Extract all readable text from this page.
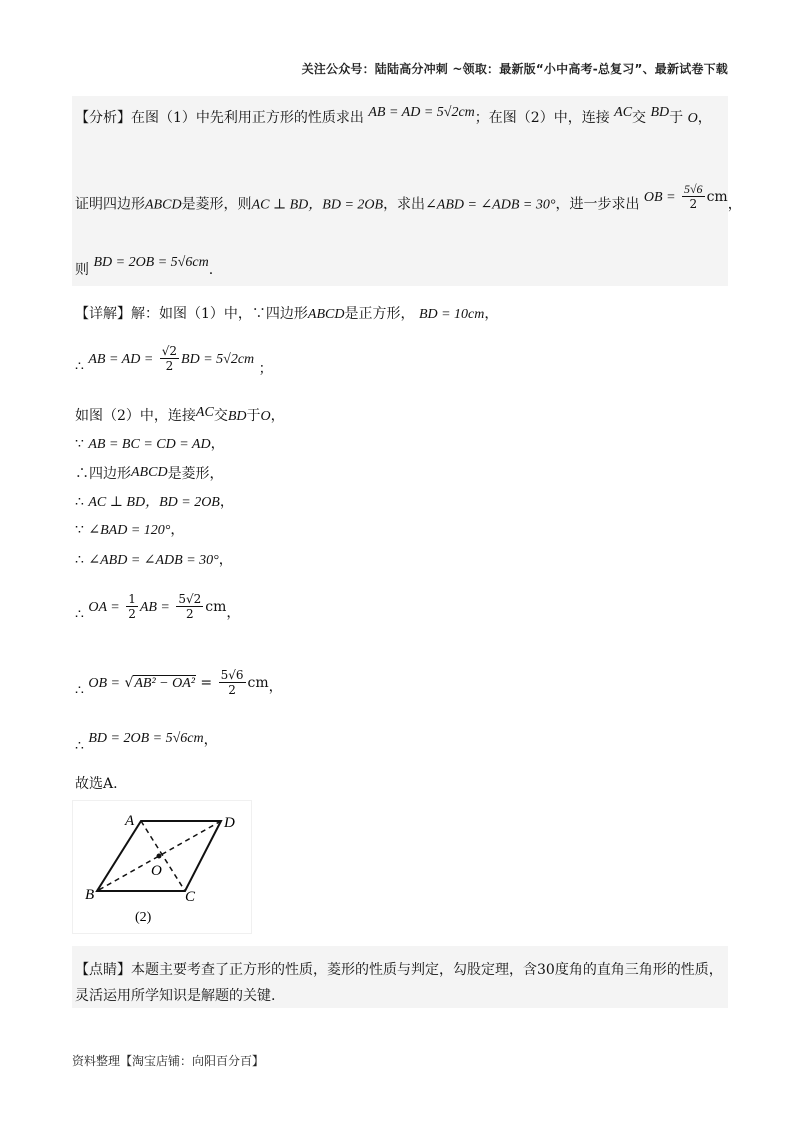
关注公众号：陆陆高分冲刺 ~领取：最新版“小中高考-总复习”、最新试卷下载
【分析】在图（1）中先利用正方形的性质求出 AB = AD = 5√2cm；在图（2）中，连接 AC交 BD于 O，
证明四边形ABCD是菱形，则AC ⊥ BD，BD = 2OB，求出∠ABD = ∠ADB = 30°，进一步求出 OB = $\frac{5√6}{2}$ cm，
则 BD = 2OB = 5√6cm.
【详解】解：如图（1）中，∵四边形ABCD是正方形， BD = 10cm，
∴ AB = AD = $\frac{√2}{2}$ BD = 5√2cm ；
如图（2）中，连接AC交BD于O，
∵ AB = BC = CD = AD，
∴四边形ABCD是菱形，
∴ AC ⊥ BD，BD = 2OB，
∵ ∠BAD = 120°，
∴ ∠ABD = ∠ADB = 30°，
∴ OA = $\frac{1}{2}$ AB = $\frac{5√2}{2}$ cm，
∴ OB = $√AB^2 - OA^2 = \frac{5√6}{2}$ cm，
∴ BD = 2OB = 5√6cm，
故选A.
A	D
B	C
O
(2)
【点睛】本题主要考查了正方形的性质，菱形的性质与判定，勾股定理，含30度角的直角三角形的性质，
灵活运用所学知识是解题的关键.
资料整理【淘宝店铺：向阳百分百】
